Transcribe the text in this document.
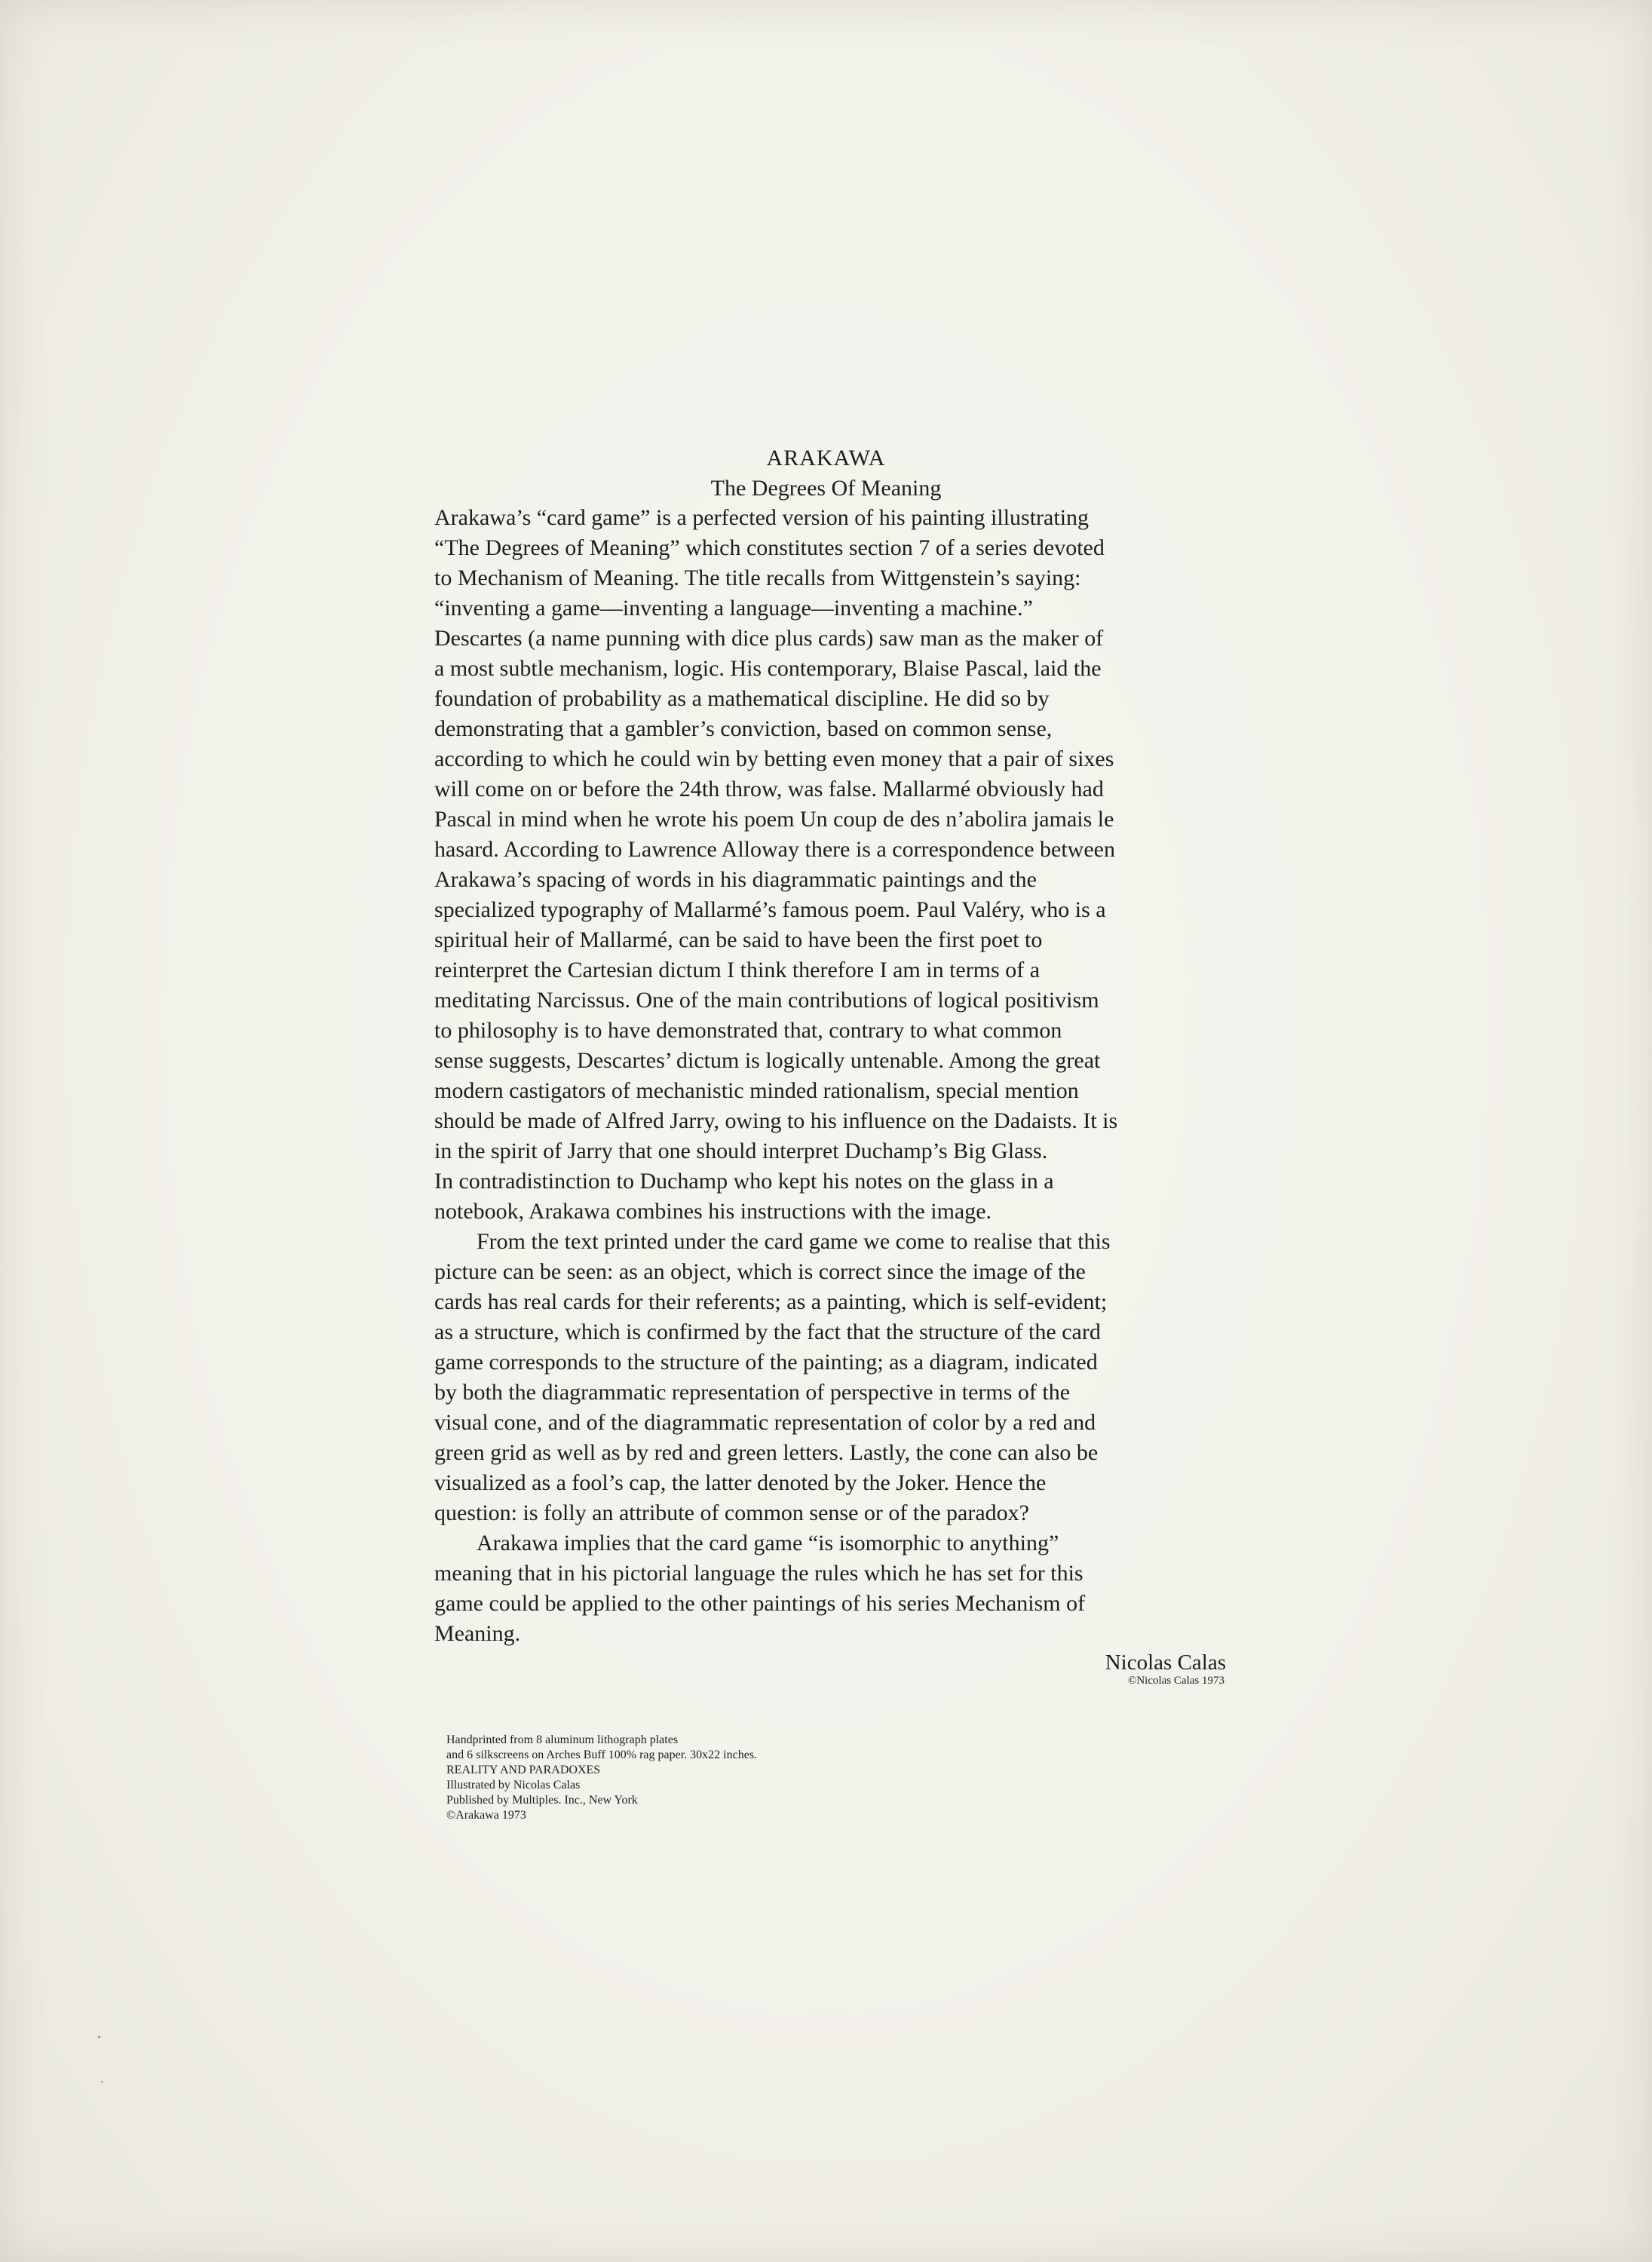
ARAKAWA
The Degrees Of Meaning
Arakawa’s “card game” is a perfected version of his painting illustrating
“The Degrees of Meaning” which constitutes section 7 of a series devoted
to Mechanism of Meaning. The title recalls from Wittgenstein’s saying:
“inventing a game—inventing a language—inventing a machine.”
Descartes (a name punning with dice plus cards) saw man as the maker of
a most subtle mechanism, logic. His contemporary, Blaise Pascal, laid the
foundation of probability as a mathematical discipline. He did so by
demonstrating that a gambler’s conviction, based on common sense,
according to which he could win by betting even money that a pair of sixes
will come on or before the 24th throw, was false. Mallarmé obviously had
Pascal in mind when he wrote his poem Un coup de des n’abolira jamais le
hasard. According to Lawrence Alloway there is a correspondence between
Arakawa’s spacing of words in his diagrammatic paintings and the
specialized typography of Mallarmé’s famous poem. Paul Valéry, who is a
spiritual heir of Mallarmé, can be said to have been the first poet to
reinterpret the Cartesian dictum I think therefore I am in terms of a
meditating Narcissus. One of the main contributions of logical positivism
to philosophy is to have demonstrated that, contrary to what common
sense suggests, Descartes’ dictum is logically untenable. Among the great
modern castigators of mechanistic minded rationalism, special mention
should be made of Alfred Jarry, owing to his influence on the Dadaists. It is
in the spirit of Jarry that one should interpret Duchamp’s Big Glass.
In contradistinction to Duchamp who kept his notes on the glass in a
notebook, Arakawa combines his instructions with the image.
From the text printed under the card game we come to realise that this
picture can be seen: as an object, which is correct since the image of the
cards has real cards for their referents; as a painting, which is self-evident;
as a structure, which is confirmed by the fact that the structure of the card
game corresponds to the structure of the painting; as a diagram, indicated
by both the diagrammatic representation of perspective in terms of the
visual cone, and of the diagrammatic representation of color by a red and
green grid as well as by red and green letters. Lastly, the cone can also be
visualized as a fool’s cap, the latter denoted by the Joker. Hence the
question: is folly an attribute of common sense or of the paradox?
Arakawa implies that the card game “is isomorphic to anything”
meaning that in his pictorial language the rules which he has set for this
game could be applied to the other paintings of his series Mechanism of
Meaning.
Nicolas Calas
©Nicolas Calas 1973
Handprinted from 8 aluminum lithograph plates
and 6 silkscreens on Arches Buff 100% rag paper. 30x22 inches.
REALITY AND PARADOXES
Illustrated by Nicolas Calas
Published by Multiples. Inc., New York
©Arakawa 1973
